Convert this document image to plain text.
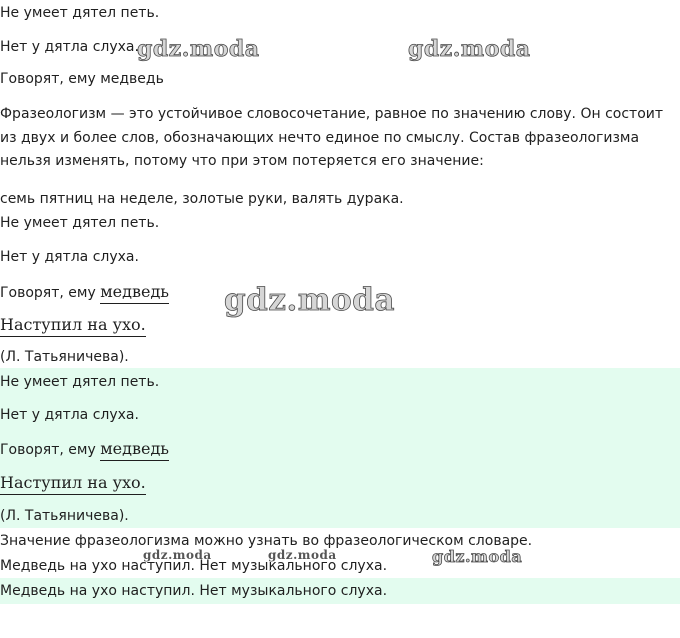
Не умеет дятел петь.
Нет у дятла слуха.
Говорят, ему медведь
Фразеологизм — это устойчивое словосочетание, равное по значению слову. Он состоит из двух и более слов, обозначающих нечто единое по смыслу. Состав фразеологизма нельзя изменять, потому что при этом потеряется его значение:
семь пятниц на неделе, золотые руки, валять дурака.
Не умеет дятел петь.
Нет у дятла слуха.
Говорят, ему медведь
Наступил на ухо.
(Л. Татьяничева).
Не умеет дятел петь.
Нет у дятла слуха.
Говорят, ему медведь
Наступил на ухо.
(Л. Татьяничева).
Значение фразеологизма можно узнать во фразеологическом словаре.
Медведь на ухо наступил. Нет музыкального слуха.
Медведь на ухо наступил. Нет музыкального слуха.
gdz.moda	gdz.moda
gdz.moda
gdz.moda	gdz.moda	gdz.moda
